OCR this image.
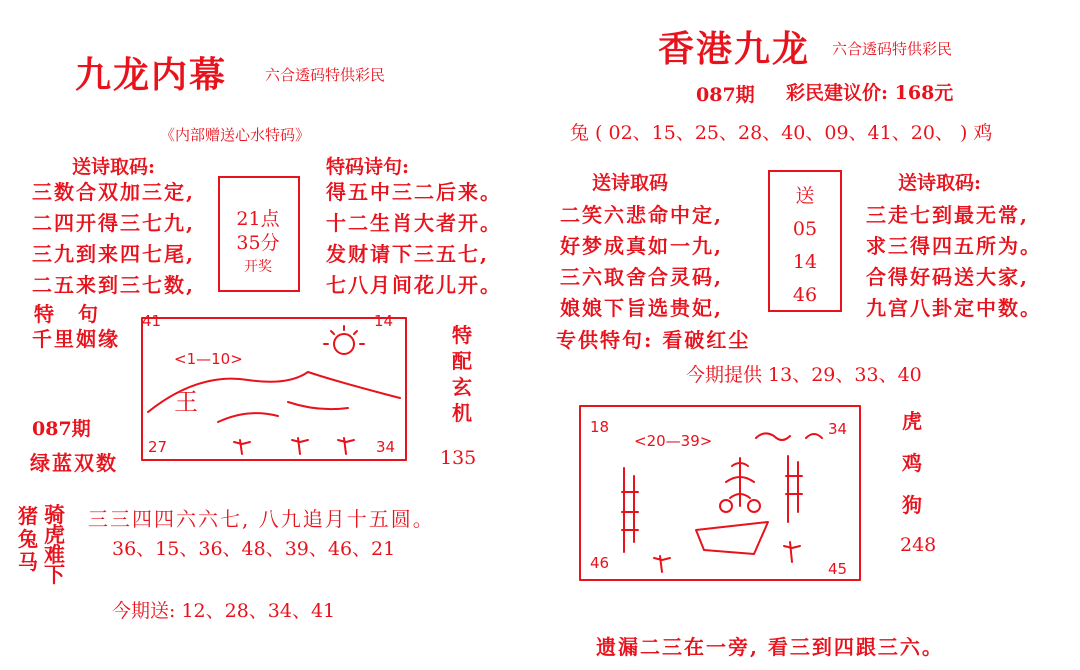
九龙内幕	六合透码特供彩民
《内部赠送心水特码》
送诗取码:
三数合双加三定,
二四开得三七九,
三九到来四七尾,
二五来到三七数,
21点
35分
开奖
特码诗句:
得五中三二后来。
十二生肖大者开。
发财请下三五七,
七八月间花儿开。
特　句
千里姻缘
087期
绿蓝双数
41	14
27	34
<1—10>
王
特
配
玄
机
135
猪
兔
马
骑
虎
难
下
三三四四六六七, 八九追月十五圆。
36、15、36、48、39、46、21
今期送: 12、28、34、41
香港九龙 六合透码特供彩民
087期 彩民建议价: 168元
兔 ( 02、15、25、28、40、09、41、20、 ) 鸡
送诗取码
二笑六悲命中定,
好梦成真如一九,
三六取舍合灵码,
娘娘下旨选贵妃,
送
05
14
46
送诗取码:
三走七到最无常,
求三得四五所为。
合得好码送大家,
九宫八卦定中数。
专供特句: 看破红尘
今期提供 13、29、33、40
18	34
46	45
<20—39>
虎
鸡
狗
248
遗漏二三在一旁, 看三到四跟三六。
